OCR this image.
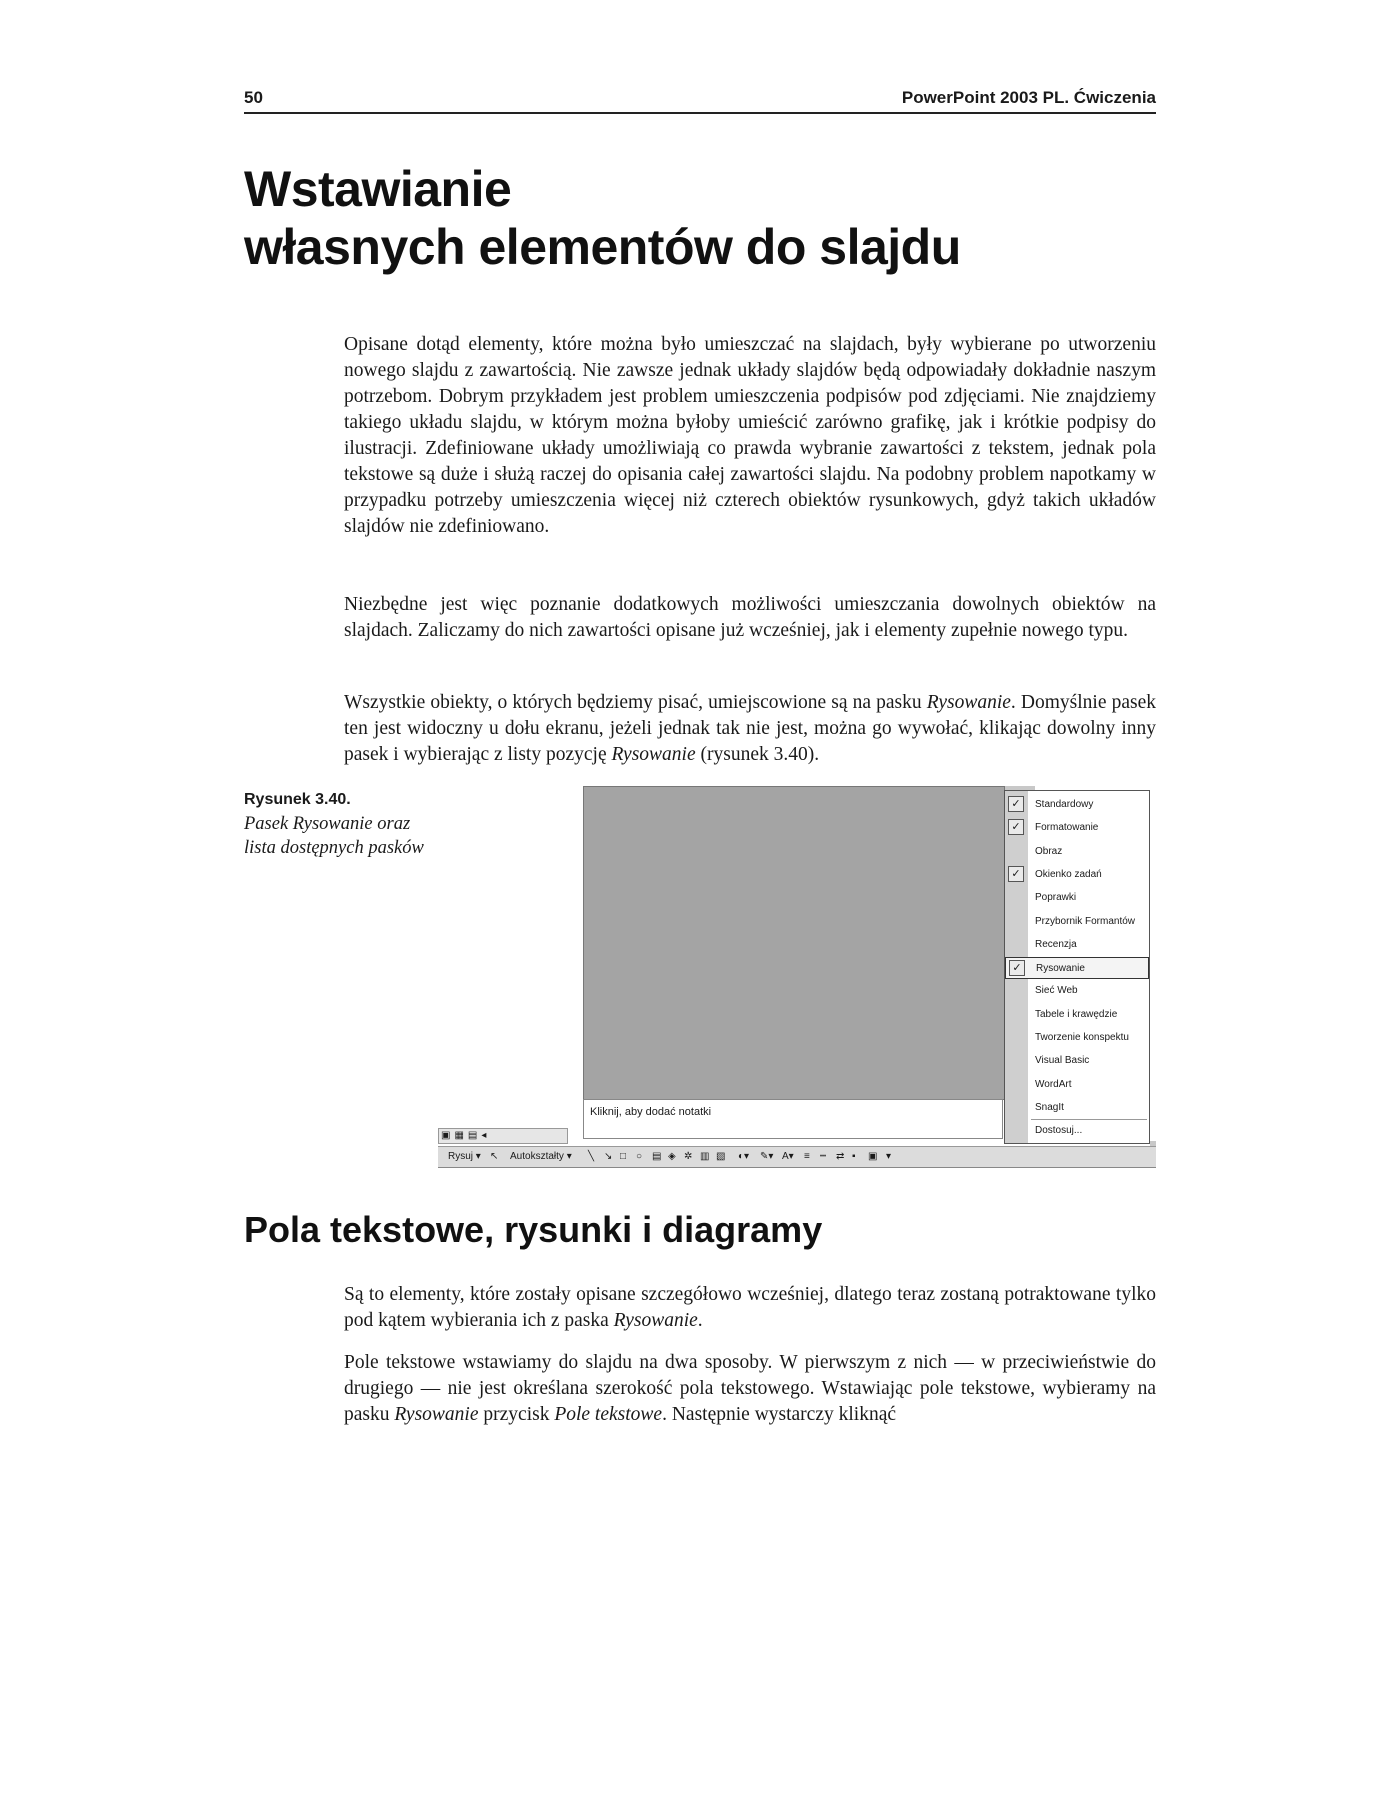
50	PowerPoint 2003 PL. Ćwiczenia
Wstawianie
własnych elementów do slajdu

Opisane dotąd elementy, które można było umieszczać na slajdach, były wybierane po utworzeniu nowego slajdu z zawartością. Nie zawsze jednak układy slajdów będą odpowiadały dokładnie naszym potrzebom. Dobrym przykładem jest problem umieszczenia podpisów pod zdjęciami. Nie znajdziemy takiego układu slajdu, w którym można byłoby umieścić zarówno grafikę, jak i krótkie podpisy do ilustracji. Zdefiniowane układy umożliwiają co prawda wybranie zawartości z tekstem, jednak pola tekstowe są duże i służą raczej do opisania całej zawartości slajdu. Na podobny problem napotkamy w przypadku potrzeby umieszczenia więcej niż czterech obiektów rysunkowych, gdyż takich układów slajdów nie zdefiniowano.

Niezbędne jest więc poznanie dodatkowych możliwości umieszczania dowolnych obiektów na slajdach. Zaliczamy do nich zawartości opisane już wcześniej, jak i elementy zupełnie nowego typu.

Wszystkie obiekty, o których będziemy pisać, umiejscowione są na pasku Rysowanie. Domyślnie pasek ten jest widoczny u dołu ekranu, jeżeli jednak tak nie jest, można go wywołać, klikając dowolny inny pasek i wybierając z listy pozycję Rysowanie (rysunek 3.40).

Rysunek 3.40.
Pasek Rysowanie oraz lista dostępnych pasków
Kliknij, aby dodać notatki
✓	Standardowy
✓	Formatowanie
Obraz
✓	Okienko zadań
Poprawki
Przybornik Formantów
Recenzja
✓	Rysowanie
Sieć Web
Tabele i krawędzie
Tworzenie konspektu
Visual Basic
WordArt
SnagIt
Dostosuj...
▣ ▦ ▤ ◂
Rysuj ▾ ↖ Autokształty ▾ ╲ ↘ □ ○ ▤ ◈ ✲ ▥ ▧ ◐▾ ✎▾ A▾ ≡ ┅ ⇄ ▪ ▣ ▾
Pola tekstowe, rysunki i diagramy

Są to elementy, które zostały opisane szczegółowo wcześniej, dlatego teraz zostaną potraktowane tylko pod kątem wybierania ich z paska Rysowanie.

Pole tekstowe wstawiamy do slajdu na dwa sposoby. W pierwszym z nich — w przeciwieństwie do drugiego — nie jest określana szerokość pola tekstowego. Wstawiając pole tekstowe, wybieramy na pasku Rysowanie przycisk Pole tekstowe. Następnie wystarczy kliknąć
